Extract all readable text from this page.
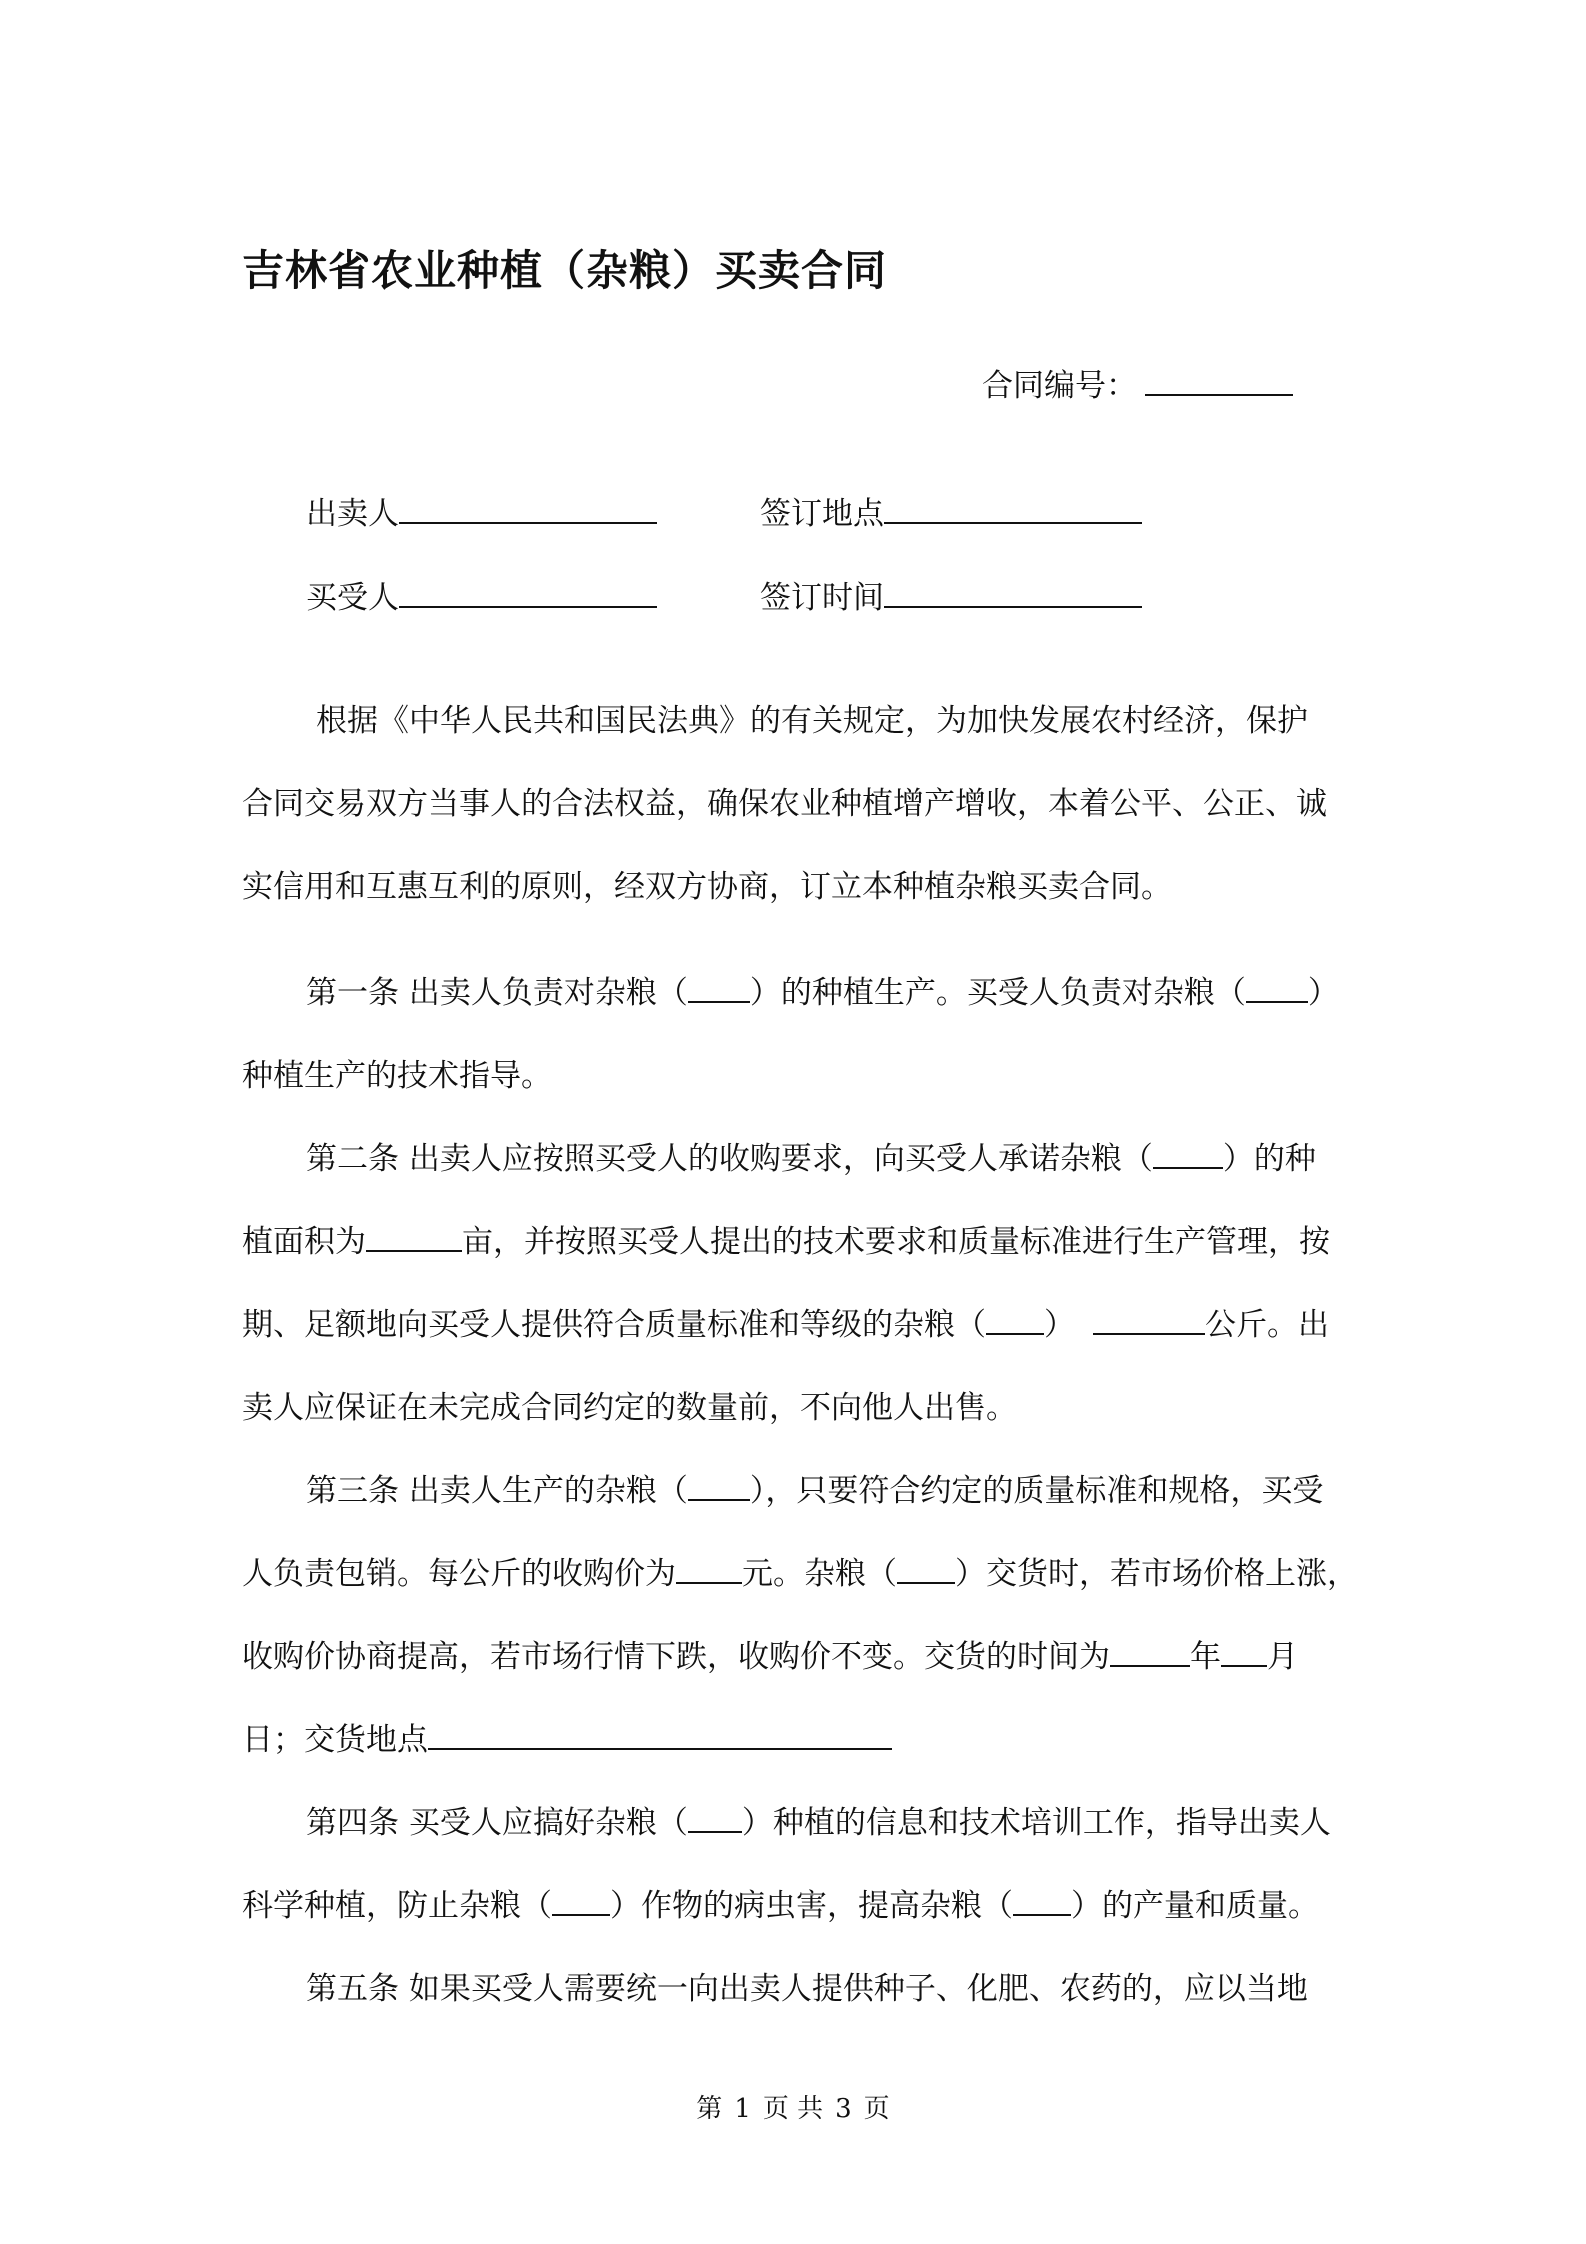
吉林省农业种植（杂粮）买卖合同
合同编号：
出卖人	签订地点
买受人	签订时间
根据《中华人民共和国民法典》的有关规定，为加快发展农村经济，保护
合同交易双方当事人的合法权益，确保农业种植增产增收，本着公平、公正、诚
实信用和互惠互利的原则，经双方协商，订立本种植杂粮买卖合同。
第一条 出卖人负责对杂粮（ ）的种植生产。买受人负责对杂粮（ ）
种植生产的技术指导。
第二条 出卖人应按照买受人的收购要求，向买受人承诺杂粮（ ）的种
植面积为	亩，并按照买受人提出的技术要求和质量标准进行生产管理，按
期、足额地向买受人提供符合质量标准和等级的杂粮（ ）	公斤。出
卖人应保证在未完成合同约定的数量前，不向他人出售。
第三条 出卖人生产的杂粮（ ），只要符合约定的质量标准和规格，买受
人负责包销。每公斤的收购价为 元。杂粮（ ）交货时，若市场价格上涨，
收购价协商提高，若市场行情下跌，收购价不变。交货的时间为	年 月
日；交货地点
第四条 买受人应搞好杂粮（ ）种植的信息和技术培训工作，指导出卖人
科学种植，防止杂粮（ ）作物的病虫害，提高杂粮（ ）的产量和质量。
第五条 如果买受人需要统一向出卖人提供种子、化肥、农药的，应以当地
第 1 页 共 3 页
